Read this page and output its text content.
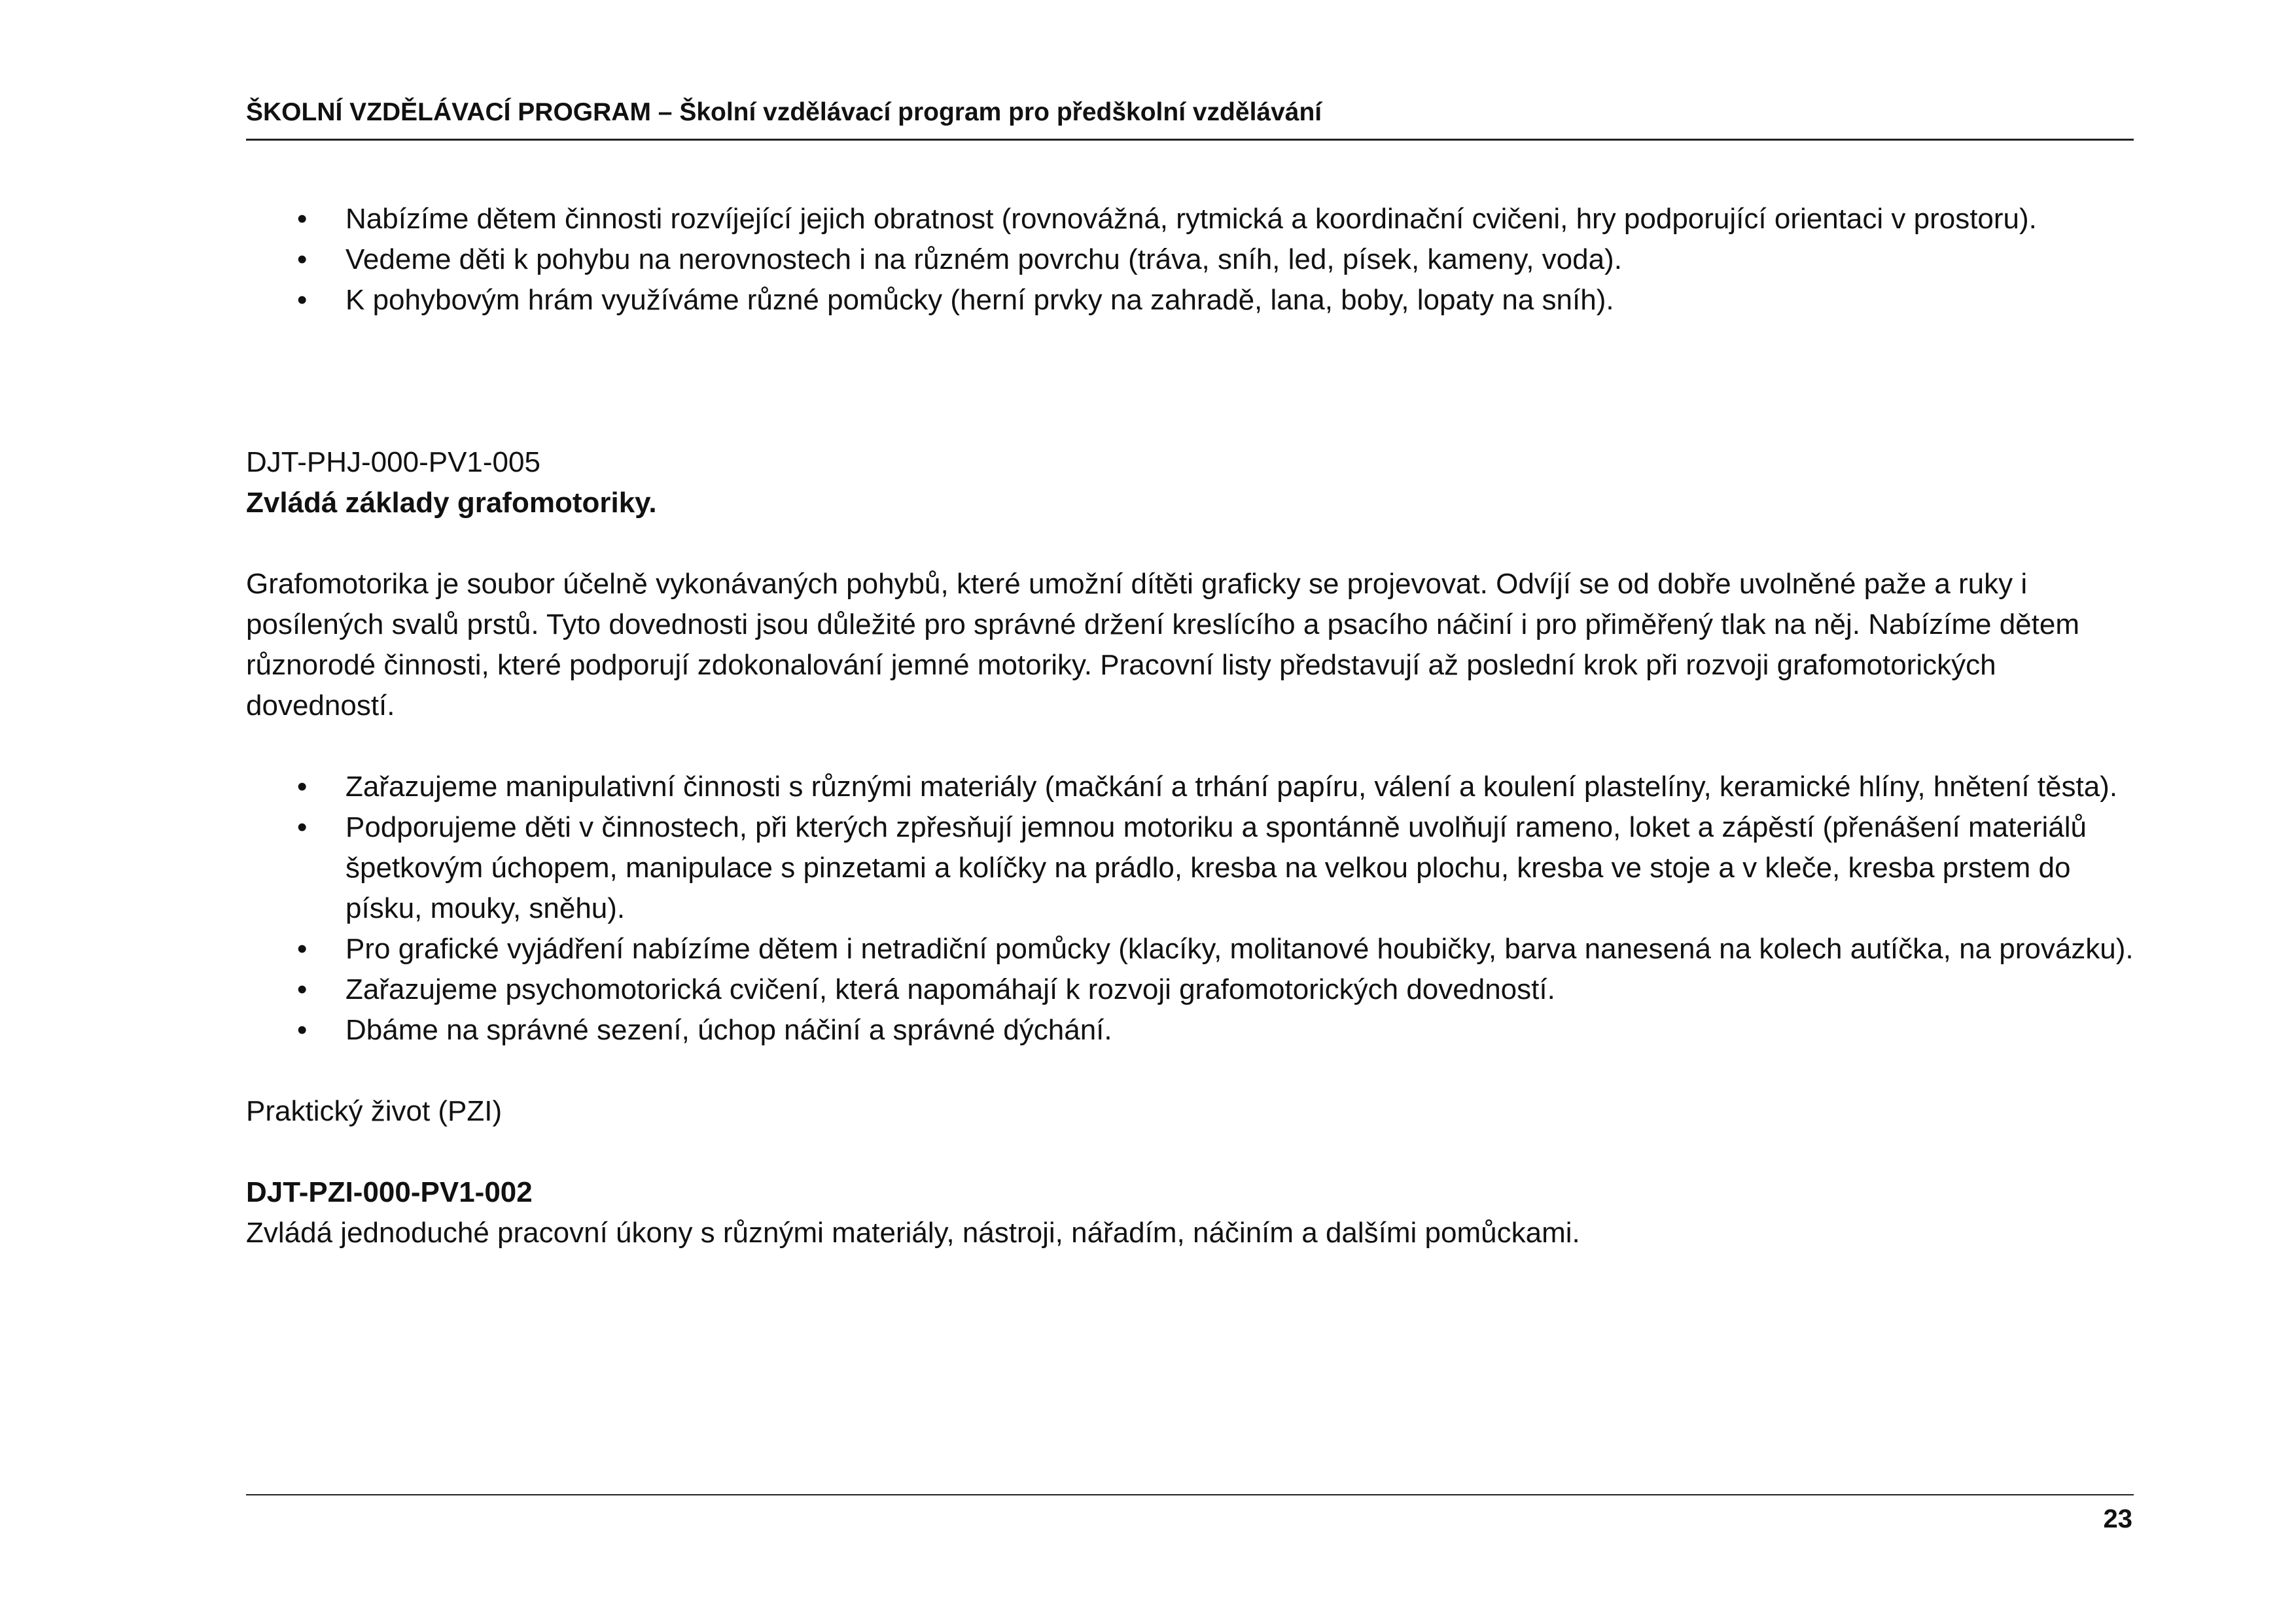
ŠKOLNÍ VZDĚLÁVACÍ PROGRAM – Školní vzdělávací program pro předškolní vzdělávání
• Nabízíme dětem činnosti rozvíjející jejich obratnost (rovnovážná, rytmická a koordinační cvičeni, hry podporující orientaci v prostoru).
• Vedeme děti k pohybu na nerovnostech i na různém povrchu (tráva, sníh, led, písek, kameny, voda).
• K pohybovým hrám využíváme různé pomůcky (herní prvky na zahradě, lana, boby, lopaty na sníh).

DJT-PHJ-000-PV1-005

Zvládá základy grafomotoriky.

Grafomotorika je soubor účelně vykonávaných pohybů, které umožní dítěti graficky se projevovat. Odvíjí se od dobře uvolněné paže a ruky i posílených svalů prstů. Tyto dovednosti jsou důležité pro správné držení kreslícího a psacího náčiní i pro přiměřený tlak na něj. Nabízíme dětem různorodé činnosti, které podporují zdokonalování jemné motoriky. Pracovní listy představují až poslední krok při rozvoji grafomotorických dovedností.

• Zařazujeme manipulativní činnosti s různými materiály (mačkání a trhání papíru, válení a koulení plastelíny, keramické hlíny, hnětení těsta).
• Podporujeme děti v činnostech, při kterých zpřesňují jemnou motoriku a spontánně uvolňují rameno, loket a zápěstí (přenášení materiálů špetkovým úchopem, manipulace s pinzetami a kolíčky na prádlo, kresba na velkou plochu, kresba ve stoje a v kleče, kresba prstem do písku, mouky, sněhu).
• Pro grafické vyjádření nabízíme dětem i netradiční pomůcky (klacíky, molitanové houbičky, barva nanesená na kolech autíčka, na provázku).
• Zařazujeme psychomotorická cvičení, která napomáhají k rozvoji grafomotorických dovedností.
• Dbáme na správné sezení, úchop náčiní a správné dýchání.

Praktický život (PZI)

DJT-PZI-000-PV1-002

Zvládá jednoduché pracovní úkony s různými materiály, nástroji, nářadím, náčiním a dalšími pomůckami.

23
